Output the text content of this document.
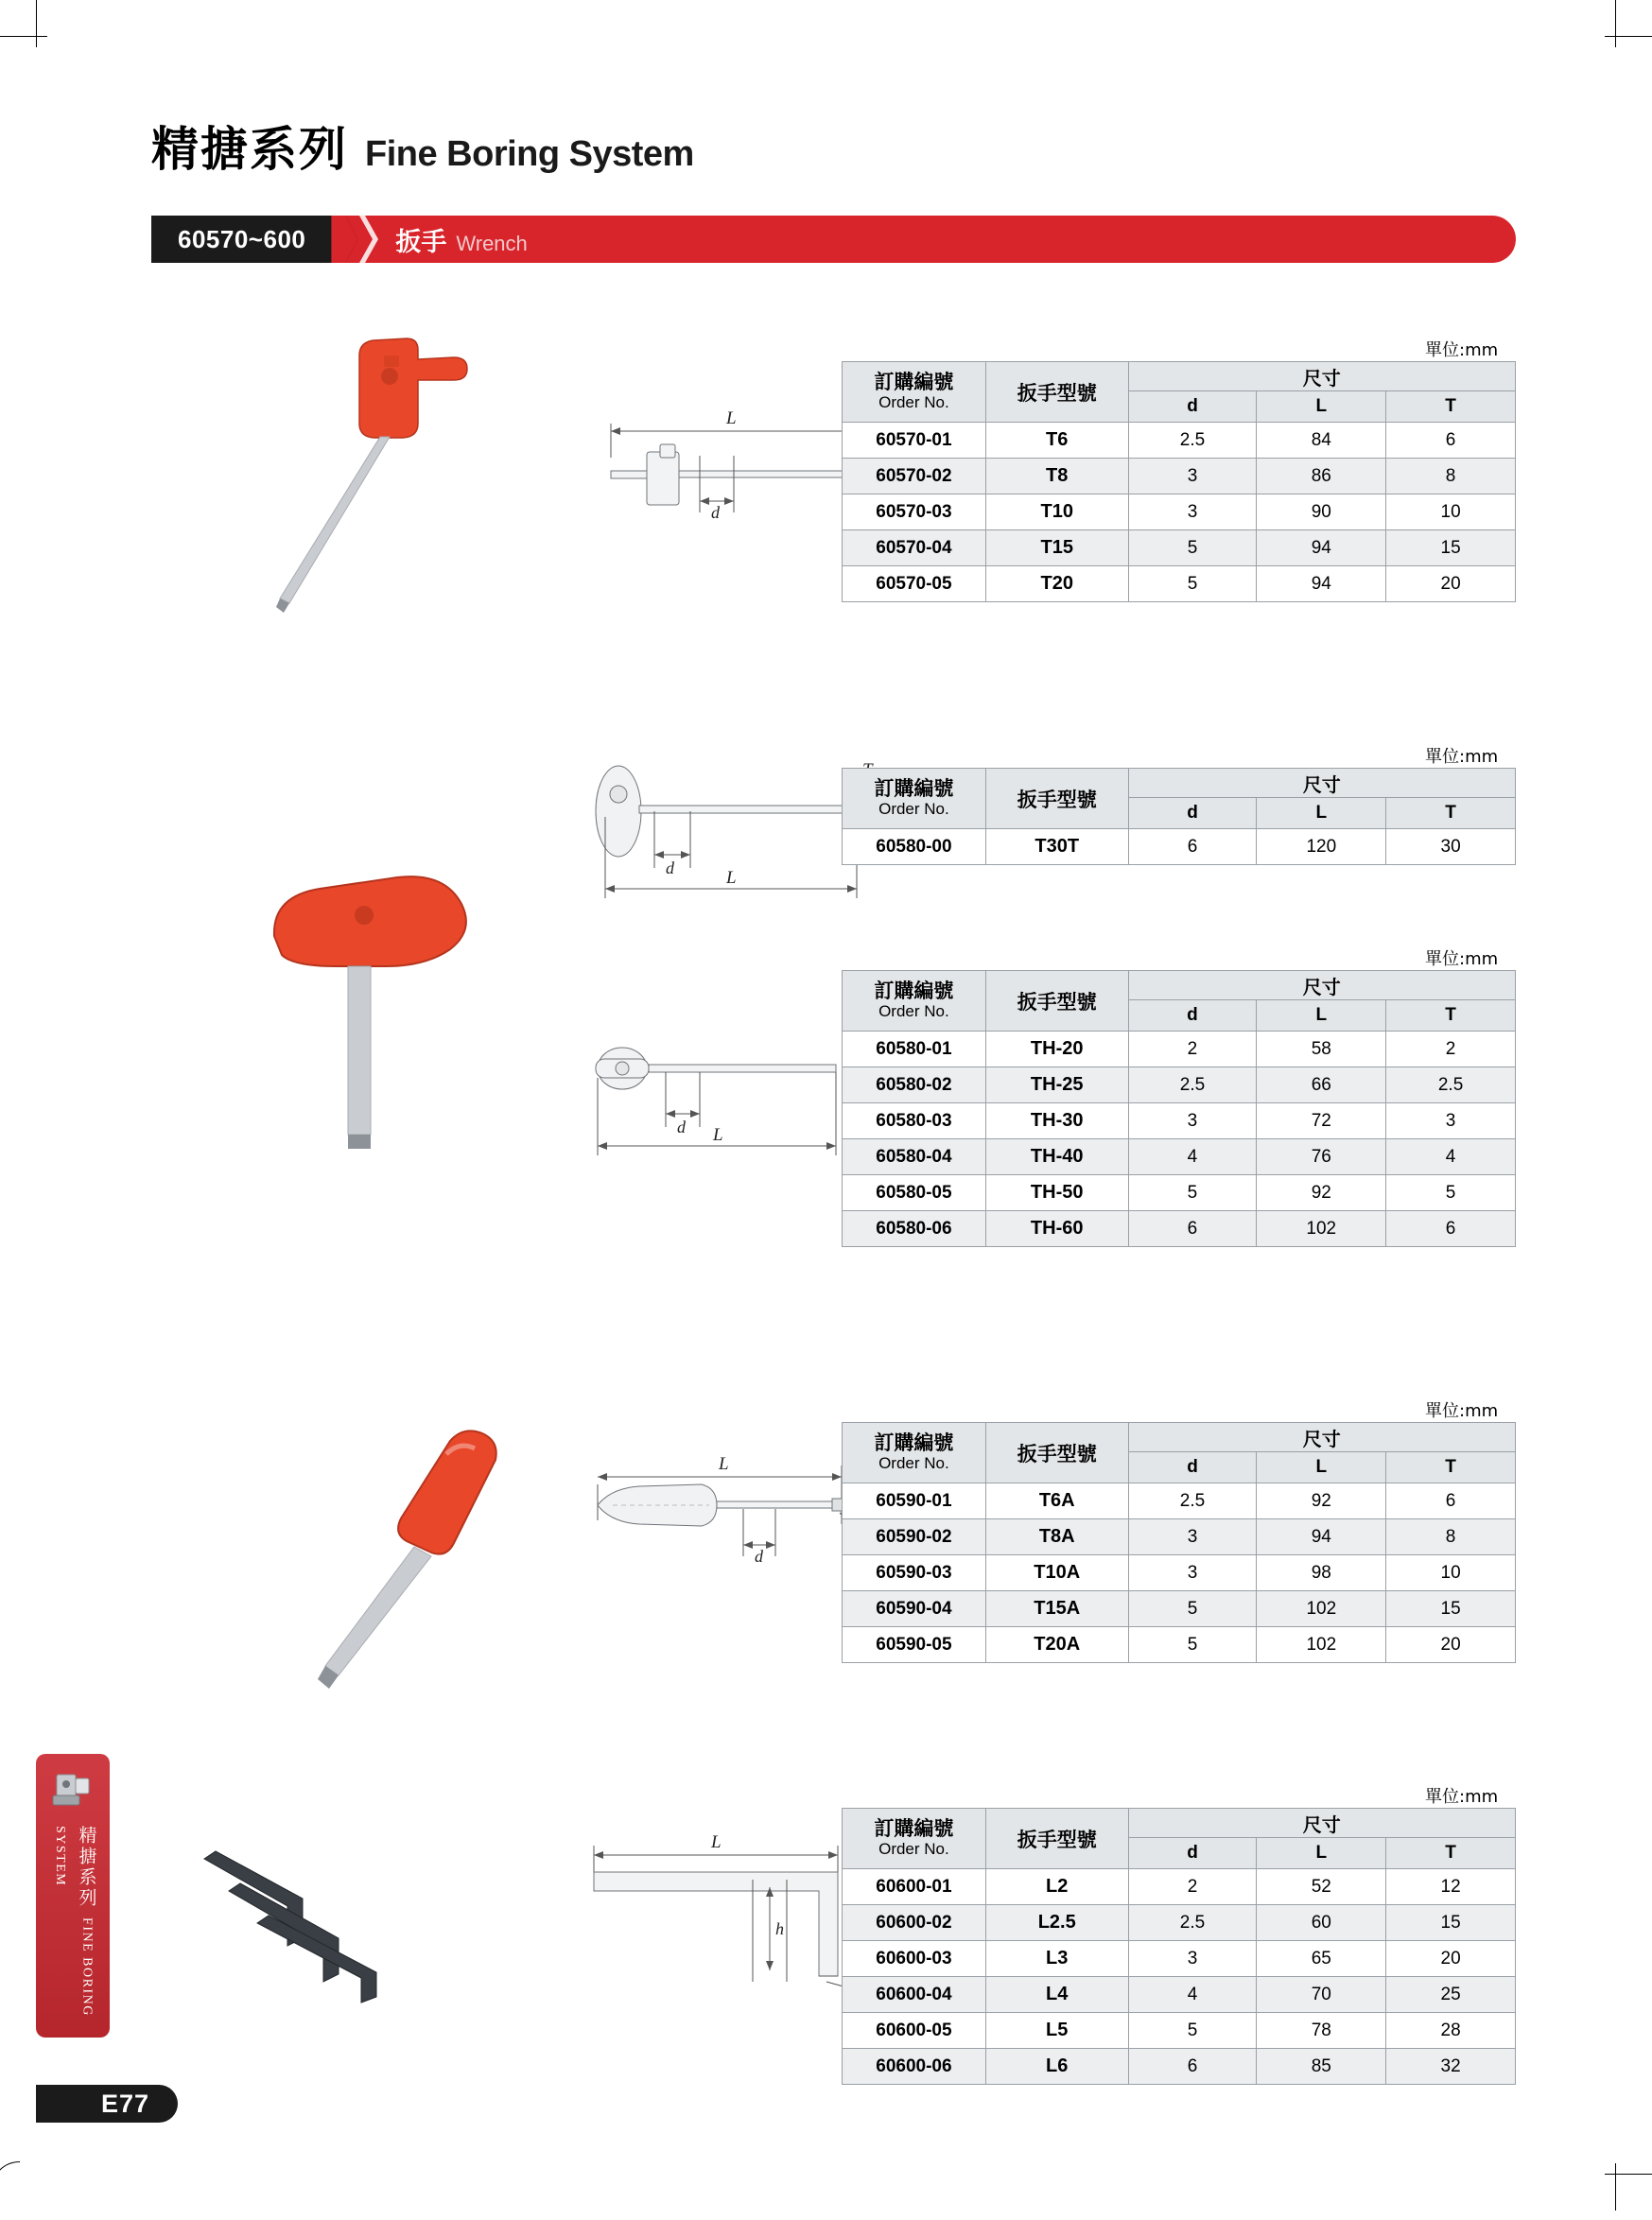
精搪系列 Fine Boring System
60570~600	扳手 Wrench
精搪系列 FINE BORING SYSTEM
E77
L
d
單位:mm
訂購編號
Order No.	扳手型號	尺寸		
		d	L	T
60570-01	T6	2.5	84	6
60570-02	T8	3	86	8
60570-03	T10	3	90	10
60570-04	T15	5	94	15
60570-05	T20	5	94	20
d	L
d L
單位:mm
訂購編號
Order No.	扳手型號	尺寸		
		d	L	T
60580-00	T30T	6	120	30
單位:mm
訂購編號
Order No.	扳手型號	尺寸		
		d	L	T
60580-01	TH-20	2	58	2
60580-02	TH-25	2.5	66	2.5
60580-03	TH-30	3	72	3
60580-04	TH-40	4	76	4
60580-05	TH-50	5	92	5
60580-06	TH-60	6	102	6
L
d
單位:mm
訂購編號
Order No.	扳手型號	尺寸		
		d	L	T
60590-01	T6A	2.5	92	6
60590-02	T8A	3	94	8
60590-03	T10A	3	98	10
60590-04	T15A	5	102	15
60590-05	T20A	5	102	20
L
h
單位:mm
訂購編號
Order No.	扳手型號	尺寸		
		d	L	T
60600-01	L2	2	52	12
60600-02	L2.5	2.5	60	15
60600-03	L3	3	65	20
60600-04	L4	4	70	25
60600-05	L5	5	78	28
60600-06	L6	6	85	32
